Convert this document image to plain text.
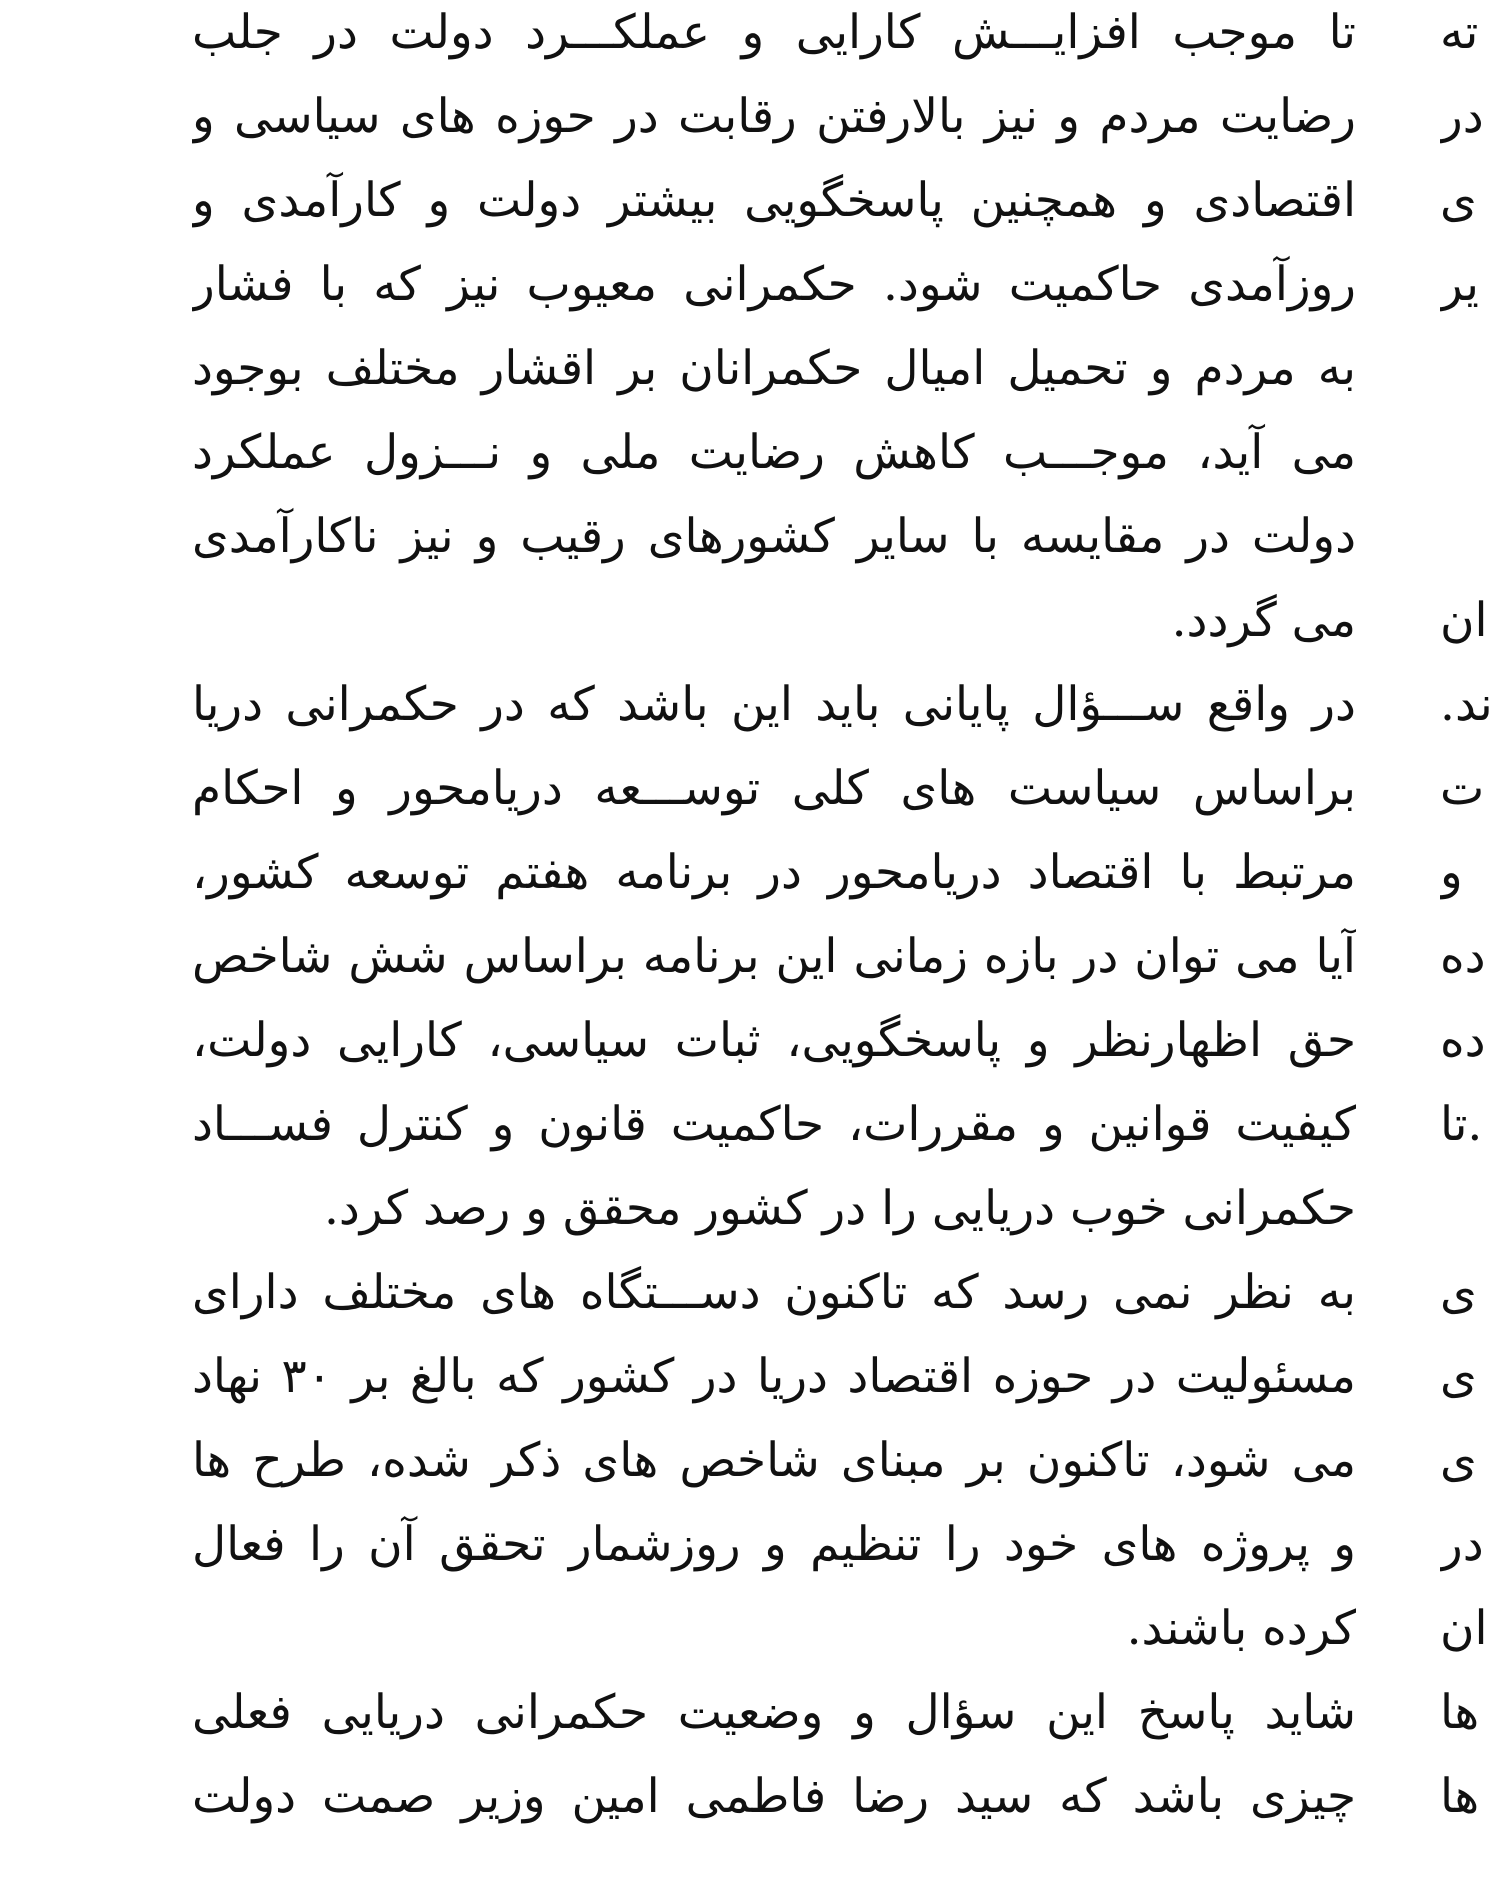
تا موجب افزایـــش کارایی و عملکـــرد دولت در جلب
رضایت مردم و نیز بالارفتن رقابت در حوزه های سیاسی و
اقتصادی و همچنین پاسخگویی بیشتر دولت و کارآمدی و
روزآمدی حاکمیت شود. حکمرانی معیوب نیز که با فشار
به مردم و تحمیل امیال حکمرانان بر اقشار مختلف بوجود
می آید، موجـــب کاهش رضایت ملی و نـــزول عملکرد
دولت در مقایسه با سایر کشورهای رقیب و نیز ناکارآمدی
می گردد.
در واقع ســـؤال پایانی باید این باشد که در حکمرانی دریا
براساس سیاست های کلی توســـعه دریامحور و احکام
مرتبط با اقتصاد دریامحور در برنامه هفتم توسعه کشور،
آیا می توان در بازه زمانی این برنامه براساس شش شاخص
حق اظهارنظر و پاسخگویی، ثبات سیاسی، کارایی دولت،
کیفیت قوانین و مقررات، حاکمیت قانون و کنترل فســـاد
حکمرانی خوب دریایی را در کشور محقق و رصد کرد.
به نظر نمی رسد که تاکنون دســـتگاه های مختلف دارای
مسئولیت در حوزه اقتصاد دریا در کشور که بالغ بر ۳۰ نهاد
می شود، تاکنون بر مبنای شاخص های ذکر شده، طرح ها
و پروژه های خود را تنظیم و روزشمار تحقق آن را فعال
کرده باشند.
شاید پاسخ این سؤال و وضعیت حکمرانی دریایی فعلی
چیزی باشد که سید رضا فاطمی امین وزیر صمت دولت
ته
در
ی
یر
ان
ند.
ت
و
ده
ده
.تا
ی
ی
ی
در
ان
ها
ها
